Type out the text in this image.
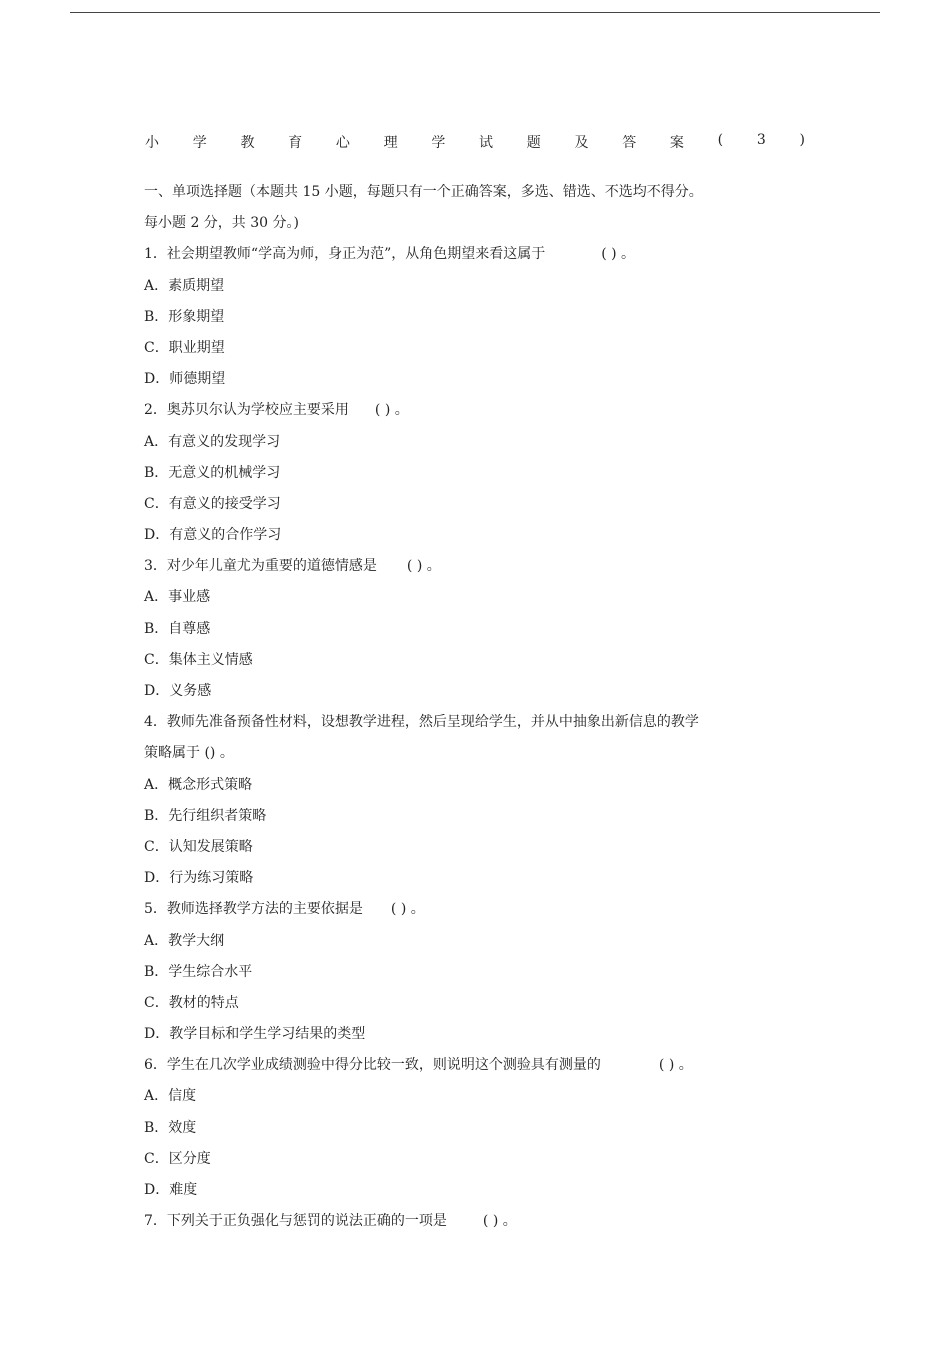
小 学 教 育 心 理 学 试 题 及 答 案 ( 3 )
一、单项选择题（本题共 15 小题，每题只有一个正确答案，多选、错选、不选均不得分。
每小题 2 分，共 30 分。)
1．社会期望教师“学高为师，身正为范”，从角色期望来看这属于	( ) 。
A．素质期望
B．形象期望
C．职业期望
D．师德期望
2．奥苏贝尔认为学校应主要采用 ( ) 。
A．有意义的发现学习
B．无意义的机械学习
C．有意义的接受学习
D．有意义的合作学习
3．对少年儿童尤为重要的道德情感是 ( ) 。
A．事业感
B．自尊感
C．集体主义情感
D．义务感
4．教师先准备预备性材料，设想教学进程，然后呈现给学生，并从中抽象出新信息的教学
策略属于 () 。
A．概念形式策略
B．先行组织者策略
C．认知发展策略
D．行为练习策略
5．教师选择教学方法的主要依据是 ( ) 。
A．教学大纲
B．学生综合水平
C．教材的特点
D．教学目标和学生学习结果的类型
6．学生在几次学业成绩测验中得分比较一致，则说明这个测验具有测量的	( ) 。
A．信度
B．效度
C．区分度
D．难度
7．下列关于正负强化与惩罚的说法正确的一项是	( ) 。
